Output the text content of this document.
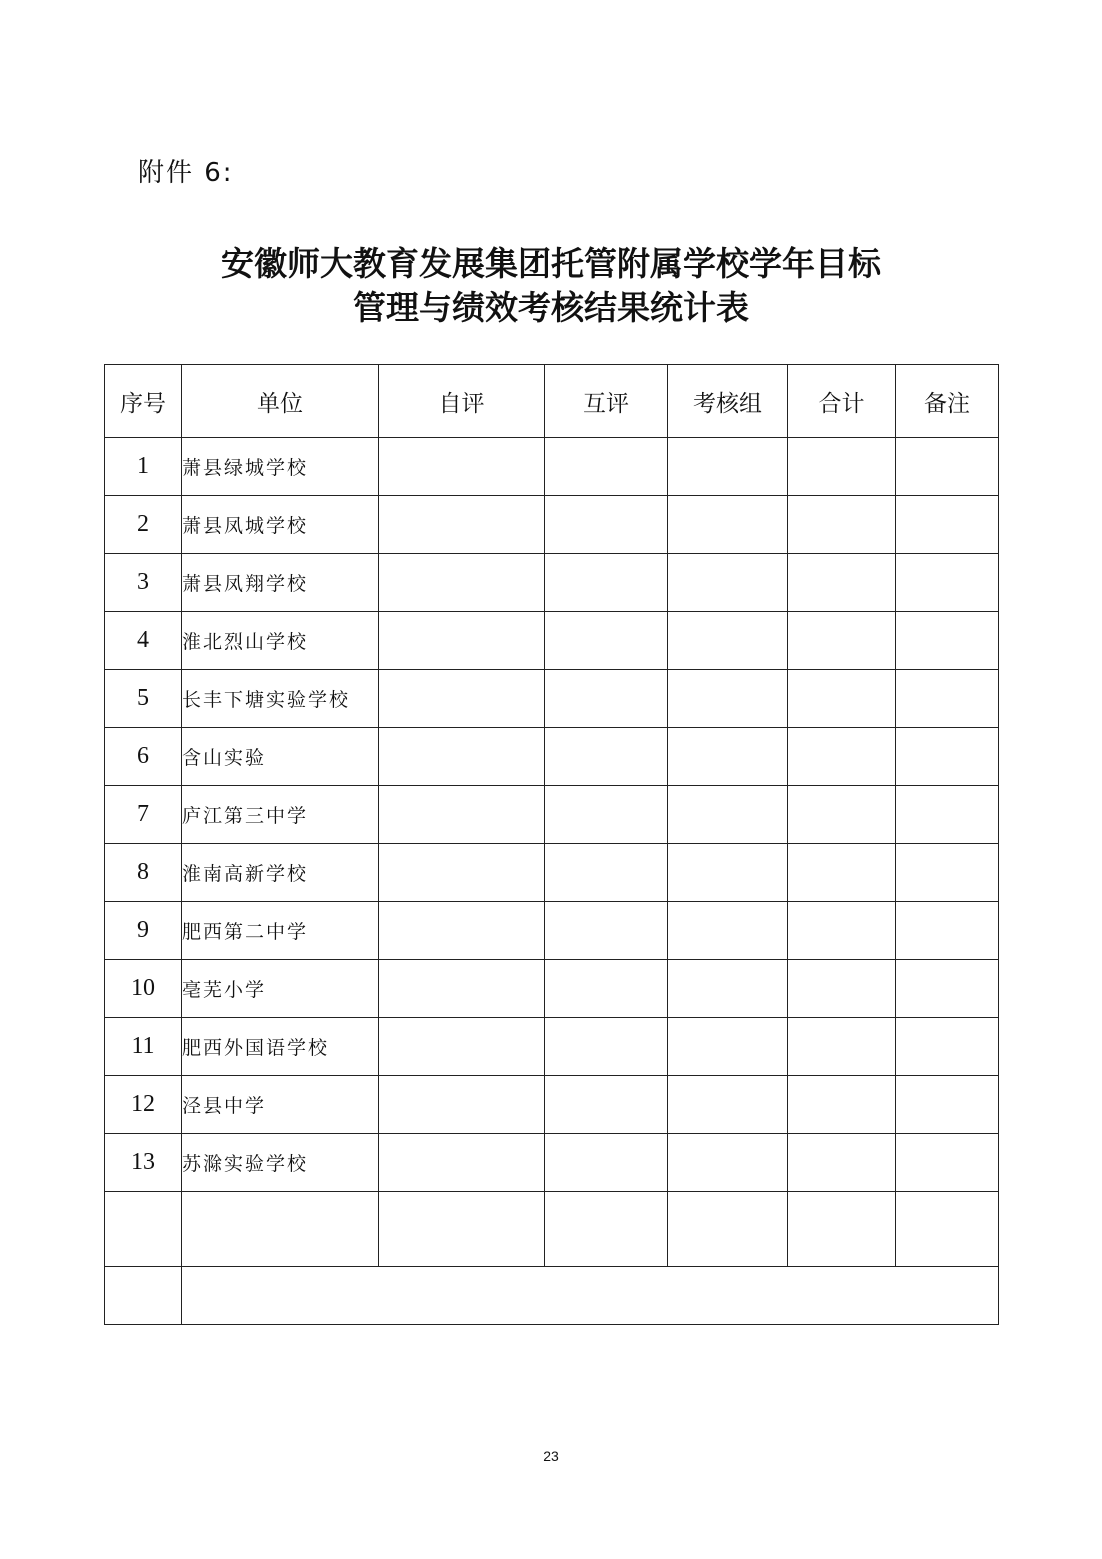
附件 6:
安徽师大教育发展集团托管附属学校学年目标
管理与绩效考核结果统计表
序号	单位	自评	互评	考核组	合计	备注
1	萧县绿城学校					
2	萧县凤城学校					
3	萧县凤翔学校					
4	淮北烈山学校					
5	长丰下塘实验学校					
6	含山实验					
7	庐江第三中学					
8	淮南高新学校					
9	肥西第二中学					
10	亳芜小学					
11	肥西外国语学校					
12	泾县中学					
13	苏滁实验学校					

23
